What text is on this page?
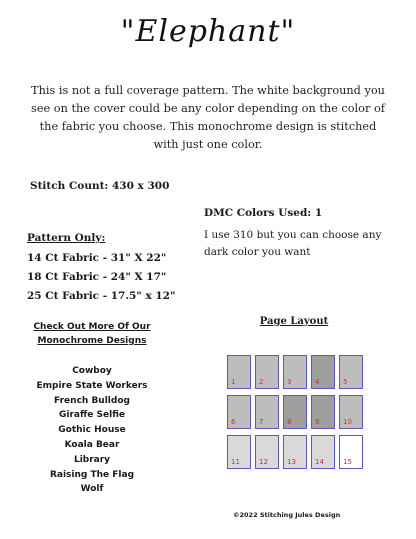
"Elephant"
This is not a full coverage pattern. The white background you see on the cover could be any color depending on the color of the fabric you choose. This monochrome design is stitched with just one color.
Stitch Count: 430 x 300
DMC Colors Used: 1
I use 310 but you can choose any dark color you want
Pattern Only:
14 Ct Fabric - 31" X 22"
18 Ct Fabric - 24" X 17"
25 Ct Fabric - 17.5" x 12"
Check Out More Of Our
Monochrome Designs
Cowboy
Empire State Workers
French Bulldog
Giraffe Selfie
Gothic House
Koala Bear
Library
Raising The Flag
Wolf
Page Layout
1	2	3	4	5
6	7	8	9	10
11	12	13	14	15
©2022 Stitching Jules Design
